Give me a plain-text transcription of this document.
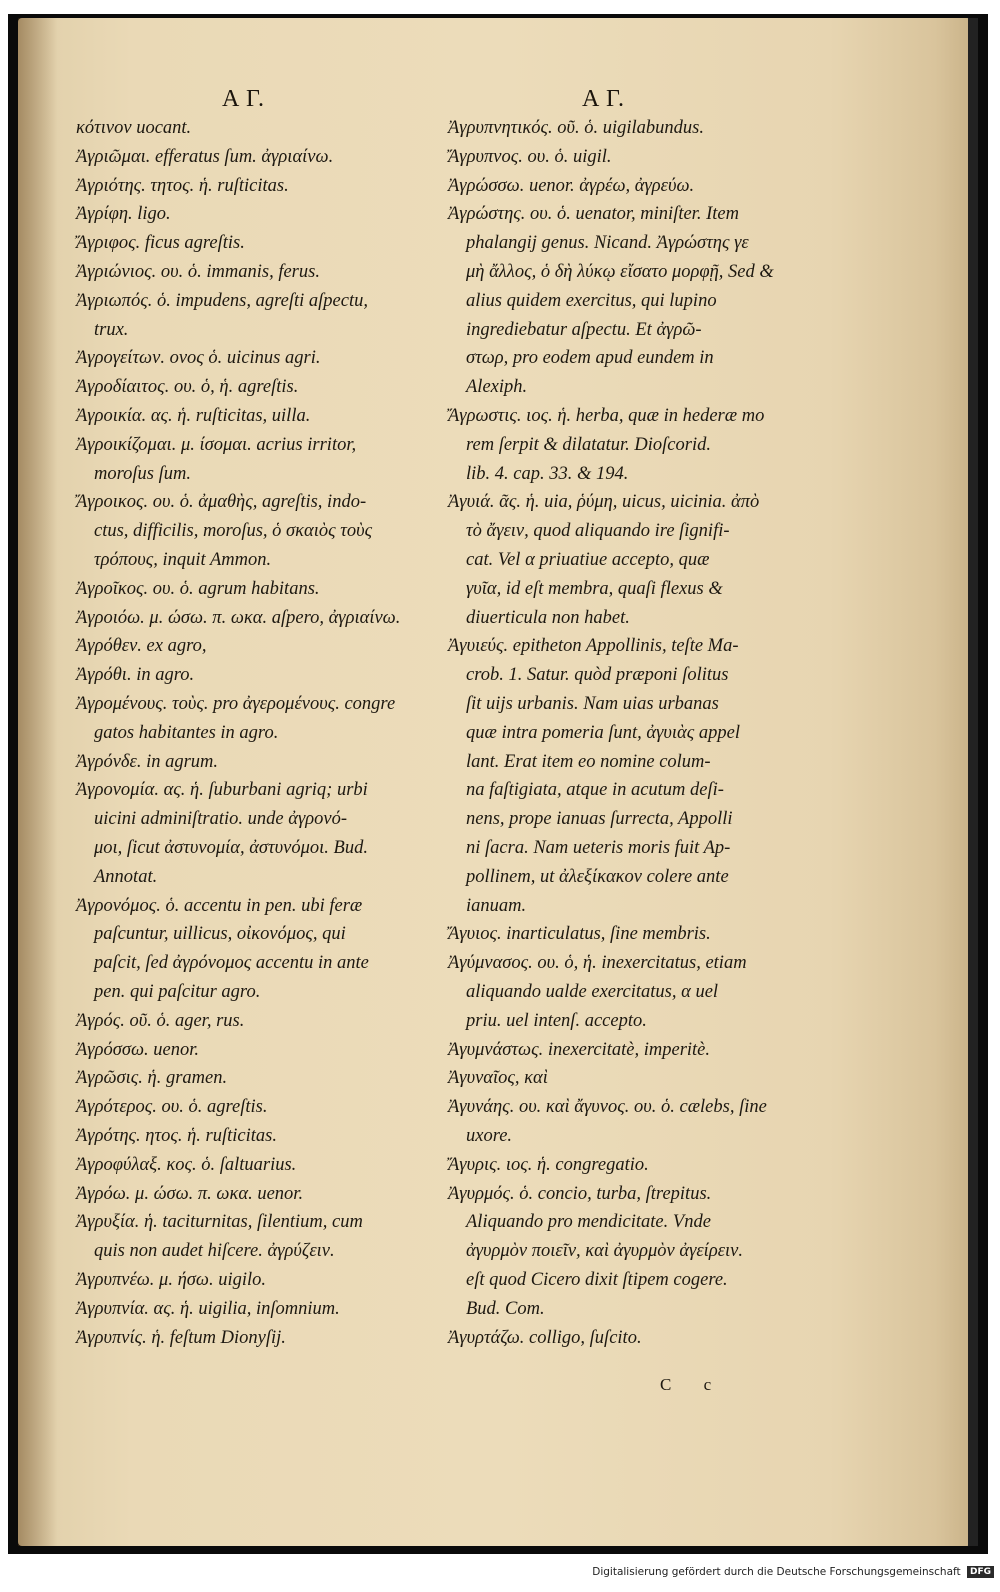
Α Γ.	Α Γ.
κότινον uocant.
Ἀγριῶμαι. efferatus ſum. ἀγριαίνω.
Ἀγριότης. τητος. ἡ. ruſticitas.
Ἀγρίφη. ligo.
Ἄγριφος. ficus agreſtis.
Ἀγριώνιος. ου. ὁ. immanis, ferus.
Ἀγριωπός. ὁ. impudens, agreſti aſpectu,
trux.
Ἀγρογείτων. ονος ὁ. uicinus agri.
Ἀγροδίαιτος. ου. ὁ, ἡ. agreſtis.
Ἀγροικία. ας. ἡ. ruſticitas, uilla.
Ἀγροικίζομαι. μ. ίσομαι. acrius irritor,
moroſus ſum.
Ἄγροικος. ου. ὁ. ἀμαθὴς, agreſtis, indo-
ctus, difficilis, moroſus, ὁ σκαιὸς τοὺς
τρόπους, inquit Ammon.
Ἀγροῖκος. ου. ὁ. agrum habitans.
Ἀγροιόω. μ. ώσω. π. ωκα. aſpero, ἀγριαίνω.
Ἀγρόθεν. ex agro,
Ἀγρόθι. in agro.
Ἀγρομένους. τοὺς. pro ἀγερομένους. congre
gatos habitantes in agro.
Ἀγρόνδε. in agrum.
Ἀγρονομία. ας. ἡ. ſuburbani agriq; urbi
uicini adminiſtratio. unde ἀγρονό-
μοι, ſicut ἀστυνομία, ἀστυνόμοι. Bud.
Annotat.
Ἀγρονόμος. ὁ. accentu in pen. ubi feræ
paſcuntur, uillicus, οἰκονόμος, qui
paſcit, ſed ἀγρόνομος accentu in ante
pen. qui paſcitur agro.
Ἀγρός. οῦ. ὁ. ager, rus.
Ἀγρόσσω. uenor.
Ἀγρῶσις. ἡ. gramen.
Ἀγρότερος. ου. ὁ. agreſtis.
Ἀγρότης. ητος. ἡ. ruſticitas.
Ἀγροφύλαξ. κος. ὁ. ſaltuarius.
Ἀγρόω. μ. ώσω. π. ωκα. uenor.
Ἀγρυξία. ἡ. taciturnitas, ſilentium, cum
quis non audet hiſcere. ἀγρύζειν.
Ἀγρυπνέω. μ. ήσω. uigilo.
Ἀγρυπνία. ας. ἡ. uigilia, inſomnium.
Ἀγρυπνίς. ἡ. feſtum Dionyſij.
Ἀγρυπνητικός. οῦ. ὁ. uigilabundus.
Ἄγρυπνος. ου. ὁ. uigil.
Ἀγρώσσω. uenor. ἀγρέω, ἀγρεύω.
Ἀγρώστης. ου. ὁ. uenator, miniſter. Item
phalangij genus. Nicand. Ἀγρώστης γε
μὴ ἄλλος, ὁ δὴ λύκῳ εἴσατο μορφῇ, Sed &
alius quidem exercitus, qui lupino
ingrediebatur aſpectu. Et ἀγρῶ-
στωρ, pro eodem apud eundem in
Alexiph.
Ἄγρωστις. ιος. ἡ. herba, quæ in hederæ mo
rem ſerpit & dilatatur. Dioſcorid.
lib. 4. cap. 33. & 194.
Ἀγυιά. ᾶς. ἡ. uia, ῥύμη, uicus, uicinia. ἀπὸ
τὸ ἄγειν, quod aliquando ire ſignifi-
cat. Vel α priuatiue accepto, quæ
γυῖα, id eſt membra, quaſi flexus &
diuerticula non habet.
Ἀγυιεύς. epitheton Appollinis, teſte Ma-
crob. 1. Satur. quòd præponi ſolitus
ſit uijs urbanis. Nam uias urbanas
quæ intra pomeria ſunt, ἀγυιὰς appel
lant. Erat item eo nomine colum-
na faſtigiata, atque in acutum deſi-
nens, prope ianuas ſurrecta, Appolli
ni ſacra. Nam ueteris moris fuit Ap-
pollinem, ut ἀλεξίκακον colere ante
ianuam.
Ἄγυιος. inarticulatus, ſine membris.
Ἀγύμνασος. ου. ὁ, ἡ. inexercitatus, etiam
aliquando ualde exercitatus, α uel
priu. uel intenſ. accepto.
Ἀγυμνάστως. inexercitatè, imperitè.
Ἀγυναῖος, καὶ
Ἀγυνάης. ου. καὶ ἄγυνος. ου. ὁ. cælebs, ſine
uxore.
Ἄγυρις. ιος. ἡ. congregatio.
Ἀγυρμός. ὁ. concio, turba, ſtrepitus.
Aliquando pro mendicitate. Vnde
ἀγυρμὸν ποιεῖν, καὶ ἀγυρμὸν ἀγείρειν.
eſt quod Cicero dixit ſtipem cogere.
Bud. Com.
Ἀγυρτάζω. colligo, ſuſcito.
C c
Digitalisierung gefördert durch die Deutsche Forschungsgemeinschaft DFG
